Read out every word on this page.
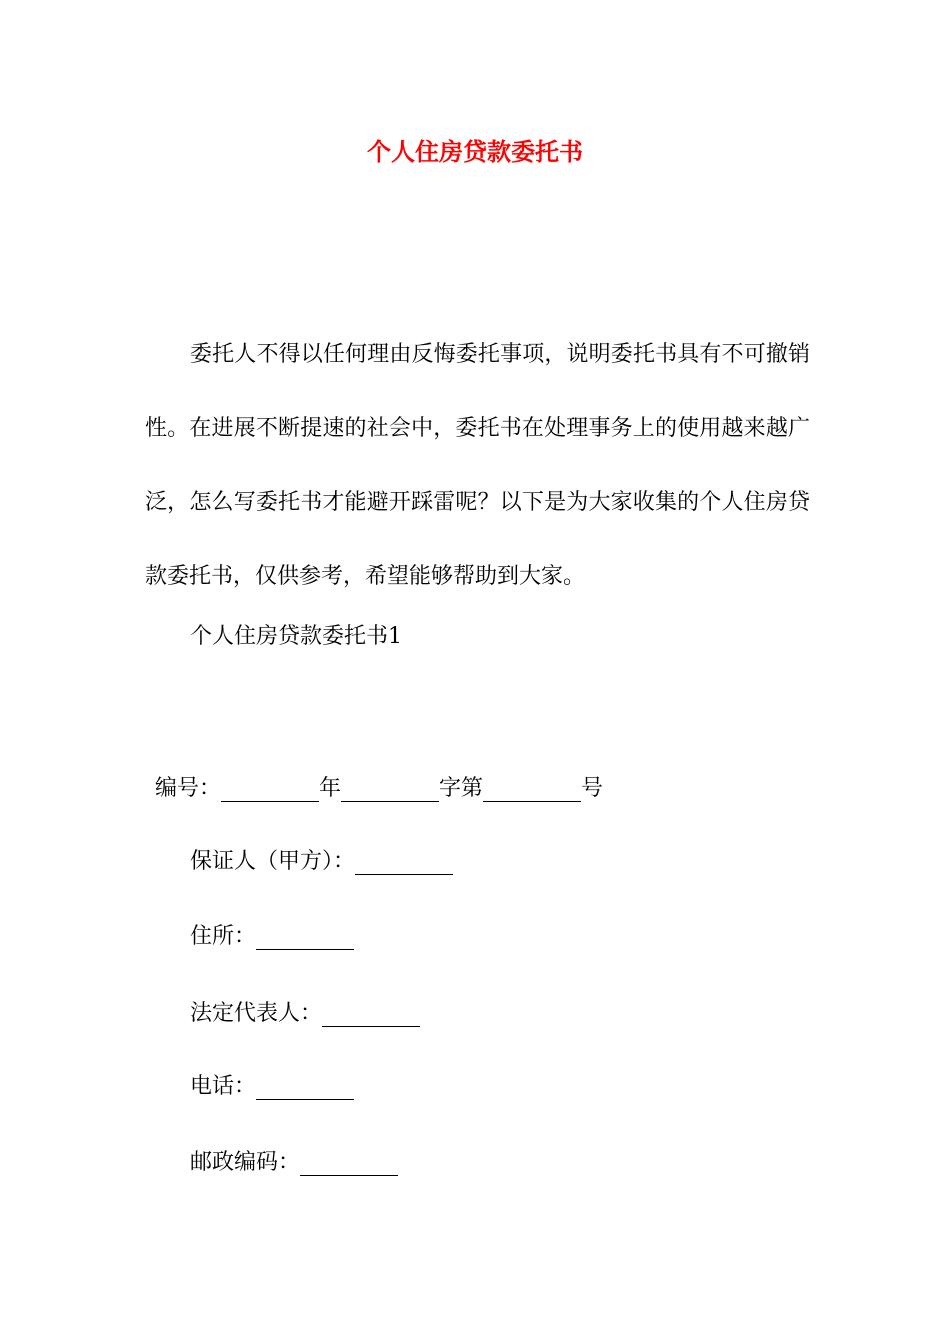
个人住房贷款委托书

委托人不得以任何理由反悔委托事项，说明委托书具有不可撤销性。在进展不断提速的社会中，委托书在处理事务上的使用越来越广泛，怎么写委托书才能避开踩雷呢？以下是为大家收集的个人住房贷款委托书，仅供参考，希望能够帮助到大家。

个人住房贷款委托书1

编号：	年	字第	号

保证人（甲方）：

住所：

法定代表人：

电话：

邮政编码：
